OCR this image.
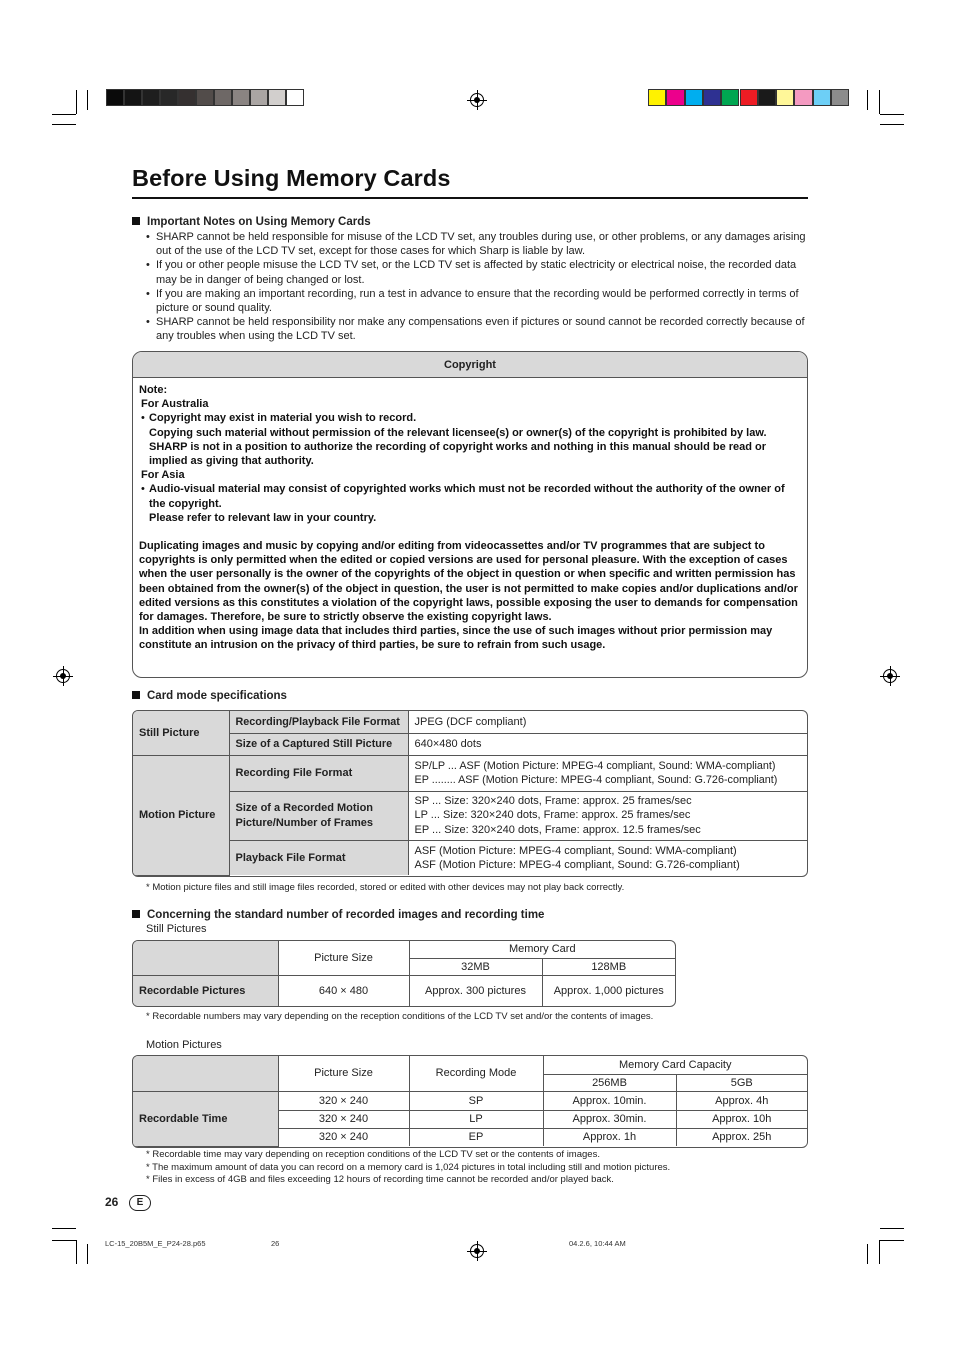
Before Using Memory Cards
Important Notes on Using Memory Cards
• SHARP cannot be held responsible for misuse of the LCD TV set, any troubles during use, or other problems, or any damages arising out of the use of the LCD TV set, except for those cases for which Sharp is liable by law.
• If you or other people misuse the LCD TV set, or the LCD TV set is affected by static electricity or electrical noise, the recorded data may be in danger of being changed or lost.
• If you are making an important recording, run a test in advance to ensure that the recording would be performed correctly in terms of picture or sound quality.
• SHARP cannot be held responsibility nor make any compensations even if pictures or sound cannot be recorded correctly because of any troubles when using the LCD TV set.
Copyright
Note:
For Australia
• Copyright may exist in material you wish to record.
Copying such material without permission of the relevant licensee(s) or owner(s) of the copyright is prohibited by law. SHARP is not in a position to authorize the recording of copyright works and nothing in this manual should be read or implied as giving that authority.
For Asia
• Audio-visual material may consist of copyrighted works which must not be recorded without the authority of the owner of the copyright.
Please refer to relevant law in your country.
Duplicating images and music by copying and/or editing from videocassettes and/or TV programmes that are subject to copyrights is only permitted when the edited or copied versions are used for personal pleasure. With the exception of cases when the user personally is the owner of the copyrights of the object in question or when specific and written permission has been obtained from the owner(s) of the object in question, the user is not permitted to make copies and/or duplications and/or edited versions as this constitutes a violation of the copyright laws, possible exposing the user to demands for compensation for damages. Therefore, be sure to strictly observe the existing copyright laws.
In addition when using image data that includes third parties, since the use of such images without prior permission may constitute an intrusion on the privacy of third parties, be sure to refrain from such usage.
Card mode specifications
Still Picture	Recording/Playback File Format	JPEG (DCF compliant)
	Size of a Captured Still Picture	640×480 dots
Motion Picture	Recording File Format	SP/LP ... ASF (Motion Picture: MPEG-4 compliant, Sound: WMA-compliant)
EP ........ ASF (Motion Picture: MPEG-4 compliant, Sound: G.726-compliant)

	Size of a Recorded Motion Picture/Number of Frames	SP ... Size: 320×240 dots, Frame: approx. 25 frames/sec
LP ... Size: 320×240 dots, Frame: approx. 25 frames/sec
EP ... Size: 320×240 dots, Frame: approx. 12.5 frames/sec

	Playback File Format	ASF (Motion Picture: MPEG-4 compliant, Sound: WMA-compliant)
ASF (Motion Picture: MPEG-4 compliant, Sound: G.726-compliant)
* Motion picture files and still image files recorded, stored or edited with other devices may not play back correctly.
Concerning the standard number of recorded images and recording time
Still Pictures
	Picture Size	Memory Card	
		32MB	128MB
Recordable Pictures	640 × 480	Approx. 300 pictures	Approx. 1,000 pictures
* Recordable numbers may vary depending on the reception conditions of the LCD TV set and/or the contents of images.
Motion Pictures
	Picture Size	Recording Mode	Memory Card Capacity	
			256MB	5GB
Recordable Time	320 × 240	SP	Approx. 10min.	Approx. 4h
	320 × 240	LP	Approx. 30min.	Approx. 10h
	320 × 240	EP	Approx. 1h	Approx. 25h
* Recordable time may vary depending on reception conditions of the LCD TV set or the contents of images.
* The maximum amount of data you can record on a memory card is 1,024 pictures in total including still and motion pictures.
* Files in excess of 4GB and files exceeding 12 hours of recording time cannot be recorded and/or played back.
26	E
LC-15_20B5M_E_P24-28.p65	26	04.2.6, 10:44 AM
